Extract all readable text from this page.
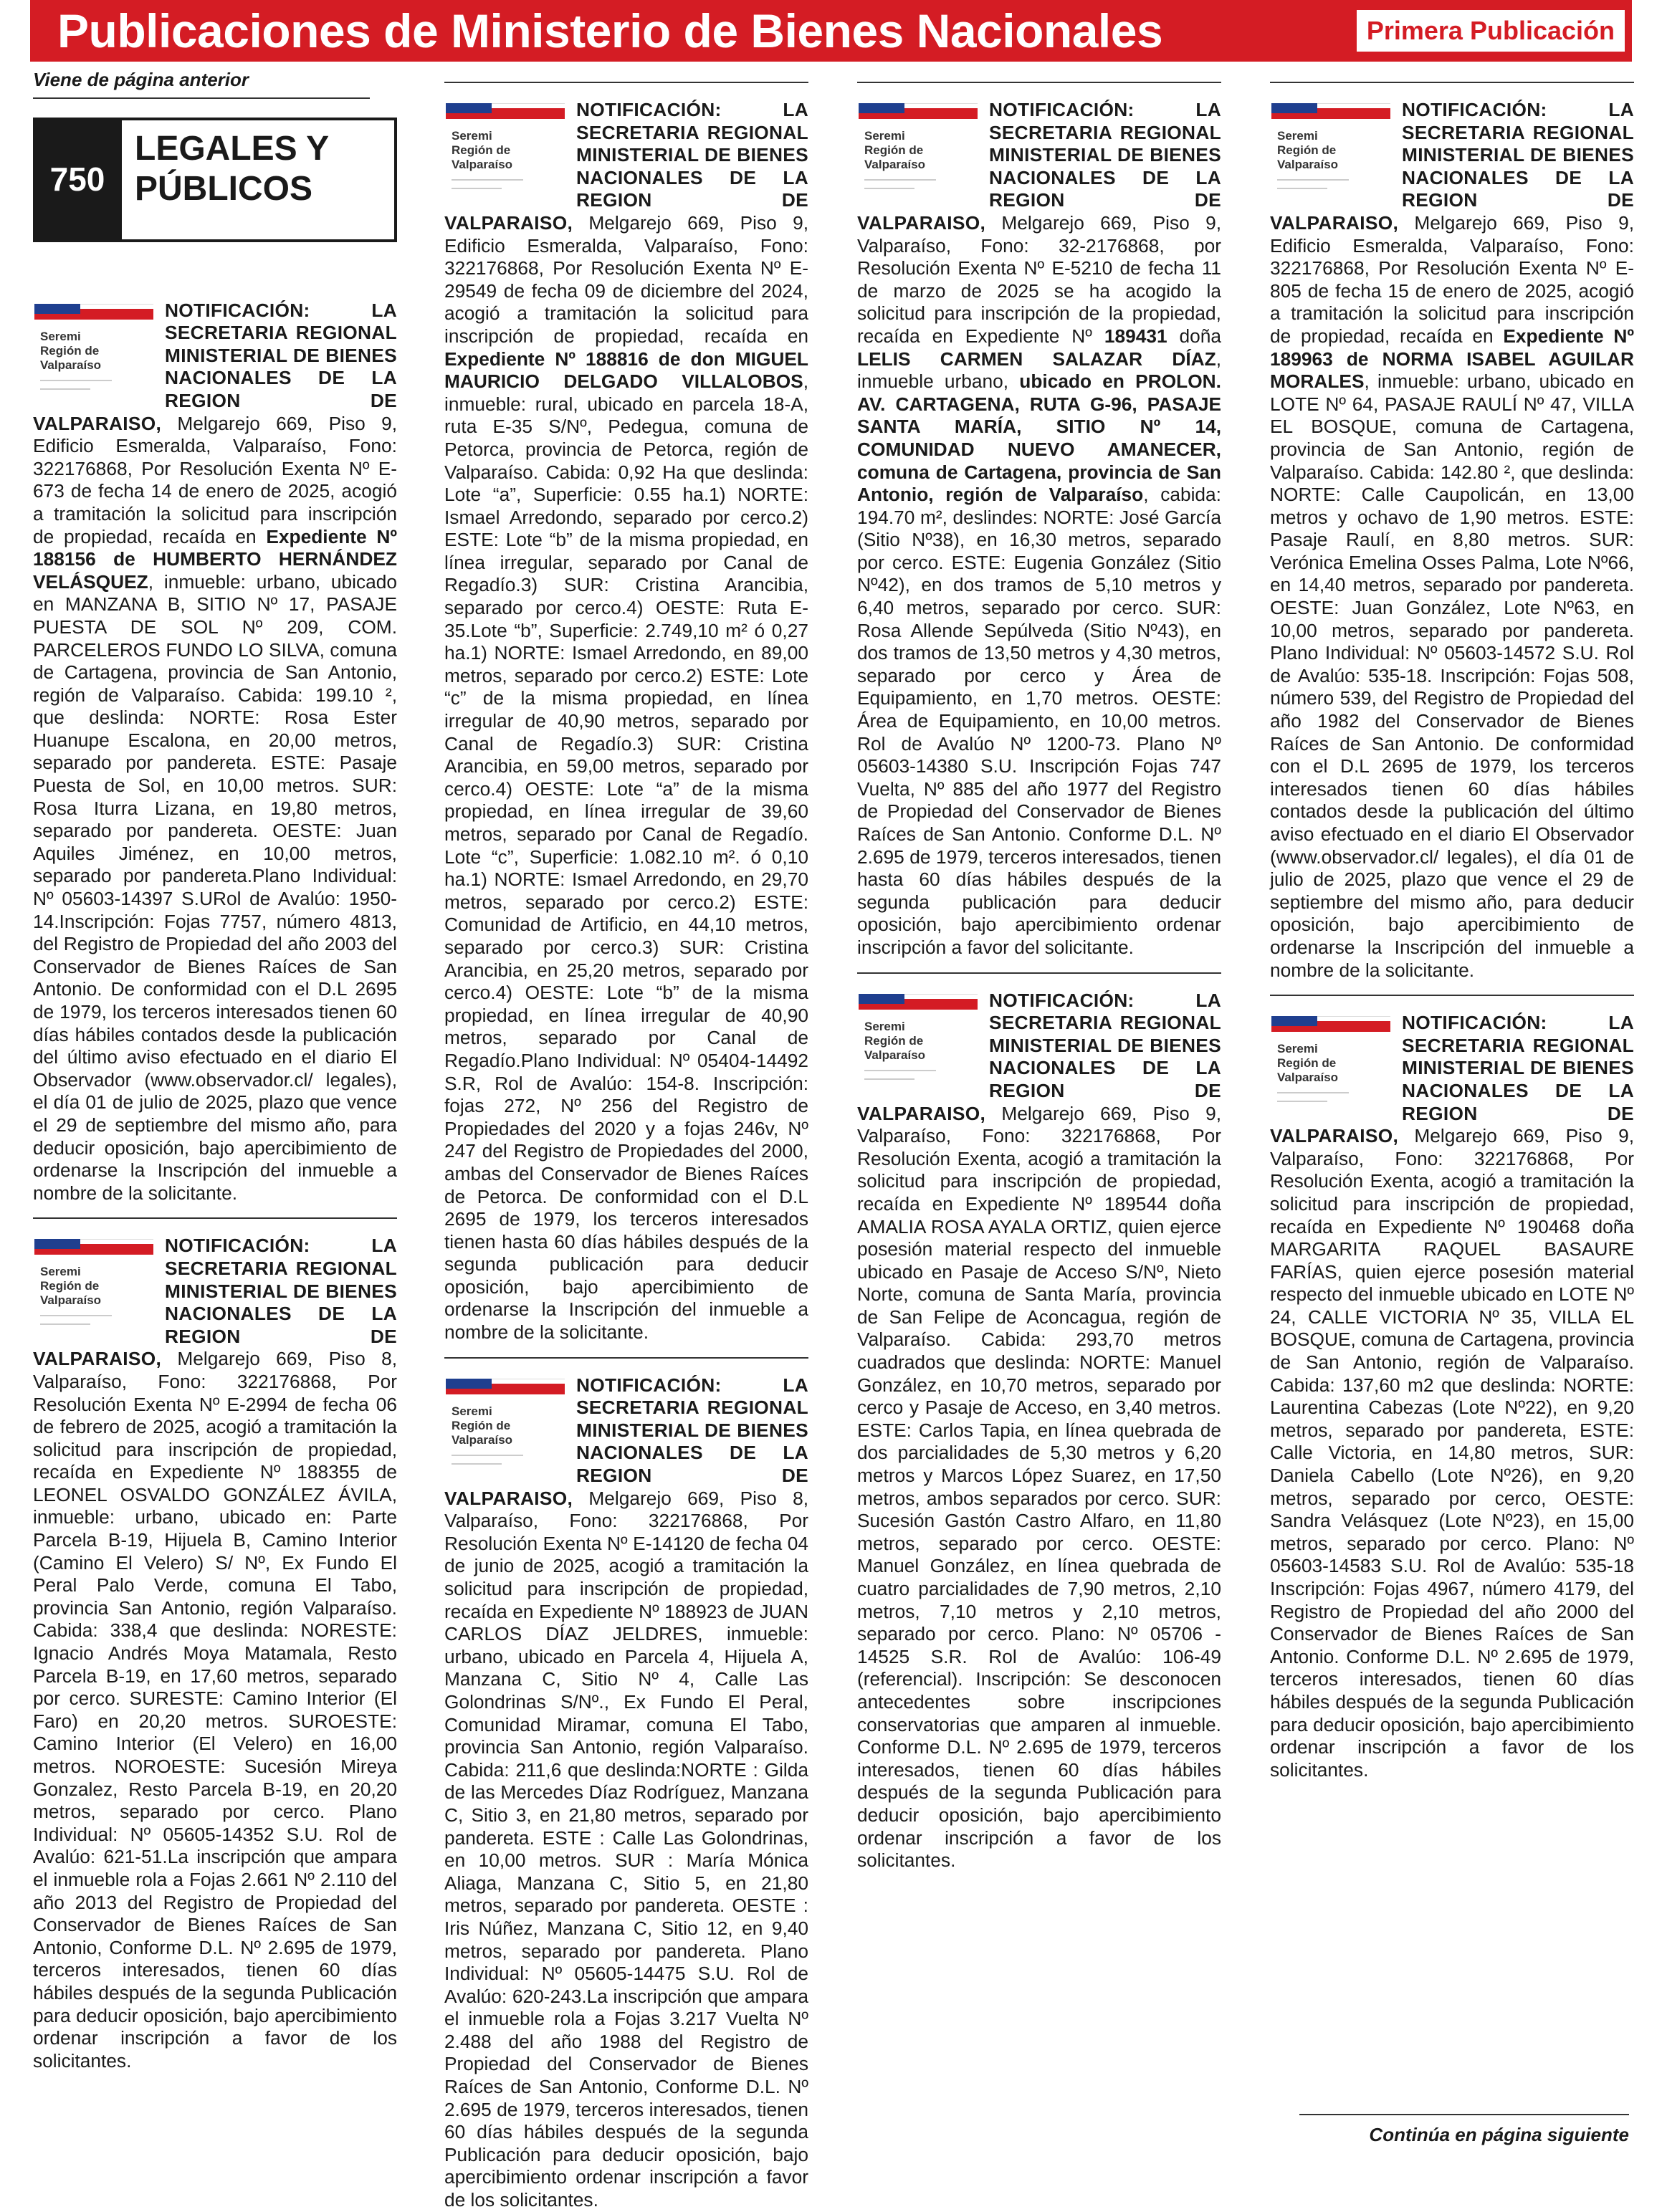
Publicaciones de Ministerio de Bienes Nacionales	Primera Publicación
Viene de página anterior
750
LEGALES Y PÚBLICOS
Seremi
Región de
Valparaíso
NOTIFICACIÓN: LA SECRETARIA REGIONAL MINISTERIAL DE BIENES NACIONALES DE LA REGION DE VALPARAISO, Melgarejo 669, Piso 9, Edificio Esmeralda, Valparaíso, Fono: 322176868, Por Resolución Exenta Nº E-673 de fecha 14 de enero de 2025, acogió a tramitación la solicitud para inscripción de propiedad, recaída en Expediente Nº 188156 de HUMBERTO HERNÁNDEZ VELÁSQUEZ, inmueble: urbano, ubicado en MANZANA B, SITIO Nº 17, PASAJE PUESTA DE SOL Nº 209, COM. PARCELEROS FUNDO LO SILVA, comuna de Cartagena, provincia de San Antonio, región de Valparaíso. Cabida: 199.10 ², que deslinda: NORTE: Rosa Ester Huanupe Escalona, en 20,00 metros, separado por pandereta. ESTE: Pasaje Puesta de Sol, en 10,00 metros. SUR: Rosa Iturra Lizana, en 19,80 metros, separado por pandereta. OESTE: Juan Aquiles Jiménez, en 10,00 metros, separado por pandereta.Plano Individual: Nº 05603-14397 S.URol de Avalúo: 1950-14.Inscripción: Fojas 7757, número 4813, del Registro de Propiedad del año 2003 del Conservador de Bienes Raíces de San Antonio. De conformidad con el D.L 2695 de 1979, los terceros interesados tienen 60 días hábiles contados desde la publicación del último aviso efectuado en el diario El Observador (www.observador.cl/ legales), el día 01 de julio de 2025, plazo que vence el 29 de septiembre del mismo año, para deducir oposición, bajo apercibimiento de ordenarse la Inscripción del inmueble a nombre de la solicitante.
Seremi
Región de
Valparaíso
NOTIFICACIÓN: LA SECRETARIA REGIONAL MINISTERIAL DE BIENES NACIONALES DE LA REGION DE VALPARAISO, Melgarejo 669, Piso 8, Valparaíso, Fono: 322176868, Por Resolución Exenta Nº E-2994 de fecha 06 de febrero de 2025, acogió a tramitación la solicitud para inscripción de propiedad, recaída en Expediente Nº 188355 de LEONEL OSVALDO GONZÁLEZ ÁVILA, inmueble: urbano, ubicado en: Parte Parcela B-19, Hijuela B, Camino Interior (Camino El Velero) S/ Nº, Ex Fundo El Peral Palo Verde, comuna El Tabo, provincia San Antonio, región Valparaíso. Cabida: 338,4 que deslinda: NORESTE: Ignacio Andrés Moya Matamala, Resto Parcela B-19, en 17,60 metros, separado por cerco. SURESTE: Camino Interior (El Faro) en 20,20 metros. SUROESTE: Camino Interior (El Velero) en 16,00 metros. NOROESTE: Sucesión Mireya Gonzalez, Resto Parcela B-19, en 20,20 metros, separado por cerco. Plano Individual: Nº 05605-14352 S.U. Rol de Avalúo: 621-51.La inscripción que ampara el inmueble rola a Fojas 2.661 Nº 2.110 del año 2013 del Registro de Propiedad del Conservador de Bienes Raíces de San Antonio, Conforme D.L. Nº 2.695 de 1979, terceros interesados, tienen 60 días hábiles después de la segunda Publicación para deducir oposición, bajo apercibimiento ordenar inscripción a favor de los solicitantes.
Seremi
Región de
Valparaíso
NOTIFICACIÓN: LA SECRETARIA REGIONAL MINISTERIAL DE BIENES NACIONALES DE LA REGION DE VALPARAISO, Melgarejo 669, Piso 9, Edificio Esmeralda, Valparaíso, Fono: 322176868, Por Resolución Exenta Nº E-29549 de fecha 09 de diciembre del 2024, acogió a tramitación la solicitud para inscripción de propiedad, recaída en Expediente Nº 188816 de don MIGUEL MAURICIO DELGADO VILLALOBOS, inmueble: rural, ubicado en parcela 18-A, ruta E-35 S/Nº, Pedegua, comuna de Petorca, provincia de Petorca, región de Valparaíso. Cabida: 0,92 Ha que deslinda: Lote “a”, Superficie: 0.55 ha.1) NORTE: Ismael Arredondo, separado por cerco.2) ESTE: Lote “b” de la misma propiedad, en línea irregular, separado por Canal de Regadío.3) SUR: Cristina Arancibia, separado por cerco.4) OESTE: Ruta E-35.Lote “b”, Superficie: 2.749,10 m² ó 0,27 ha.1) NORTE: Ismael Arredondo, en 89,00 metros, separado por cerco.2) ESTE: Lote “c” de la misma propiedad, en línea irregular de 40,90 metros, separado por Canal de Regadío.3) SUR: Cristina Arancibia, en 59,00 metros, separado por cerco.4) OESTE: Lote “a” de la misma propiedad, en línea irregular de 39,60 metros, separado por Canal de Regadío. Lote “c”, Superficie: 1.082.10 m². ó 0,10 ha.1) NORTE: Ismael Arredondo, en 29,70 metros, separado por cerco.2) ESTE: Comunidad de Artificio, en 44,10 metros, separado por cerco.3) SUR: Cristina Arancibia, en 25,20 metros, separado por cerco.4) OESTE: Lote “b” de la misma propiedad, en línea irregular de 40,90 metros, separado por Canal de Regadío.Plano Individual: Nº 05404-14492 S.R, Rol de Avalúo: 154-8. Inscripción: fojas 272, Nº 256 del Registro de Propiedades del 2020 y a fojas 246v, Nº 247 del Registro de Propiedades del 2000, ambas del Conservador de Bienes Raíces de Petorca. De conformidad con el D.L 2695 de 1979, los terceros interesados tienen hasta 60 días hábiles después de la segunda publicación para deducir oposición, bajo apercibimiento de ordenarse la Inscripción del inmueble a nombre de la solicitante.
Seremi
Región de
Valparaíso
NOTIFICACIÓN: LA SECRETARIA REGIONAL MINISTERIAL DE BIENES NACIONALES DE LA REGION DE VALPARAISO, Melgarejo 669, Piso 8, Valparaíso, Fono: 322176868, Por Resolución Exenta Nº E-14120 de fecha 04 de junio de 2025, acogió a tramitación la solicitud para inscripción de propiedad, recaída en Expediente Nº 188923 de JUAN CARLOS DÍAZ JELDRES, inmueble: urbano, ubicado en Parcela 4, Hijuela A, Manzana C, Sitio Nº 4, Calle Las Golondrinas S/Nº., Ex Fundo El Peral, Comunidad Miramar, comuna El Tabo, provincia San Antonio, región Valparaíso. Cabida: 211,6 que deslinda:NORTE : Gilda de las Mercedes Díaz Rodríguez, Manzana C, Sitio 3, en 21,80 metros, separado por pandereta. ESTE : Calle Las Golondrinas, en 10,00 metros. SUR : María Mónica Aliaga, Manzana C, Sitio 5, en 21,80 metros, separado por pandereta. OESTE : Iris Núñez, Manzana C, Sitio 12, en 9,40 metros, separado por pandereta. Plano Individual: Nº 05605-14475 S.U. Rol de Avalúo: 620-243.La inscripción que ampara el inmueble rola a Fojas 3.217 Vuelta Nº 2.488 del año 1988 del Registro de Propiedad del Conservador de Bienes Raíces de San Antonio, Conforme D.L. Nº 2.695 de 1979, terceros interesados, tienen 60 días hábiles después de la segunda Publicación para deducir oposición, bajo apercibimiento ordenar inscripción a favor de los solicitantes.
Seremi
Región de
Valparaíso
NOTIFICACIÓN: LA SECRETARIA REGIONAL MINISTERIAL DE BIENES NACIONALES DE LA REGION DE VALPARAISO, Melgarejo 669, Piso 9, Valparaíso, Fono: 32-2176868, por Resolución Exenta Nº E-5210 de fecha 11 de marzo de 2025 se ha acogido la solicitud para inscripción de la propiedad, recaída en Expediente Nº 189431 doña LELIS CARMEN SALAZAR DÍAZ, inmueble urbano, ubicado en PROLON. AV. CARTAGENA, RUTA G-96, PASAJE SANTA MARÍA, SITIO Nº 14, COMUNIDAD NUEVO AMANECER, comuna de Cartagena, provincia de San Antonio, región de Valparaíso, cabida: 194.70 m², deslindes: NORTE: José García (Sitio Nº38), en 16,30 metros, separado por cerco. ESTE: Eugenia González (Sitio Nº42), en dos tramos de 5,10 metros y 6,40 metros, separado por cerco. SUR: Rosa Allende Sepúlveda (Sitio Nº43), en dos tramos de 13,50 metros y 4,30 metros, separado por cerco y Área de Equipamiento, en 1,70 metros. OESTE: Área de Equipamiento, en 10,00 metros. Rol de Avalúo Nº 1200-73. Plano Nº 05603-14380 S.U. Inscripción Fojas 747 Vuelta, Nº 885 del año 1977 del Registro de Propiedad del Conservador de Bienes Raíces de San Antonio. Conforme D.L. Nº 2.695 de 1979, terceros interesados, tienen hasta 60 días hábiles después de la segunda publicación para deducir oposición, bajo apercibimiento ordenar inscripción a favor del solicitante.
Seremi
Región de
Valparaíso
NOTIFICACIÓN: LA SECRETARIA REGIONAL MINISTERIAL DE BIENES NACIONALES DE LA REGION DE VALPARAISO, Melgarejo 669, Piso 9, Valparaíso, Fono: 322176868, Por Resolución Exenta, acogió a tramitación la solicitud para inscripción de propiedad, recaída en Expediente Nº 189544 doña AMALIA ROSA AYALA ORTIZ, quien ejerce posesión material respecto del inmueble ubicado en Pasaje de Acceso S/Nº, Nieto Norte, comuna de Santa María, provincia de San Felipe de Aconcagua, región de Valparaíso. Cabida: 293,70 metros cuadrados que deslinda: NORTE: Manuel González, en 10,70 metros, separado por cerco y Pasaje de Acceso, en 3,40 metros. ESTE: Carlos Tapia, en línea quebrada de dos parcialidades de 5,30 metros y 6,20 metros y Marcos López Suarez, en 17,50 metros, ambos separados por cerco. SUR: Sucesión Gastón Castro Alfaro, en 11,80 metros, separado por cerco. OESTE: Manuel González, en línea quebrada de cuatro parcialidades de 7,90 metros, 2,10 metros, 7,10 metros y 2,10 metros, separado por cerco. Plano: Nº 05706 - 14525 S.R. Rol de Avalúo: 106-49 (referencial). Inscripción: Se desconocen antecedentes sobre inscripciones conservatorias que amparen al inmueble. Conforme D.L. Nº 2.695 de 1979, terceros interesados, tienen 60 días hábiles después de la segunda Publicación para deducir oposición, bajo apercibimiento ordenar inscripción a favor de los solicitantes.
Seremi
Región de
Valparaíso
NOTIFICACIÓN: LA SECRETARIA REGIONAL MINISTERIAL DE BIENES NACIONALES DE LA REGION DE VALPARAISO, Melgarejo 669, Piso 9, Edificio Esmeralda, Valparaíso, Fono: 322176868, Por Resolución Exenta Nº E-805 de fecha 15 de enero de 2025, acogió a tramitación la solicitud para inscripción de propiedad, recaída en Expediente Nº 189963 de NORMA ISABEL AGUILAR MORALES, inmueble: urbano, ubicado en LOTE Nº 64, PASAJE RAULÍ Nº 47, VILLA EL BOSQUE, comuna de Cartagena, provincia de San Antonio, región de Valparaíso. Cabida: 142.80 ², que deslinda: NORTE: Calle Caupolicán, en 13,00 metros y ochavo de 1,90 metros. ESTE: Pasaje Raulí, en 8,80 metros. SUR: Verónica Emelina Osses Palma, Lote Nº66, en 14,40 metros, separado por pandereta. OESTE: Juan González, Lote Nº63, en 10,00 metros, separado por pandereta. Plano Individual: Nº 05603-14572 S.U. Rol de Avalúo: 535-18. Inscripción: Fojas 508, número 539, del Registro de Propiedad del año 1982 del Conservador de Bienes Raíces de San Antonio. De conformidad con el D.L 2695 de 1979, los terceros interesados tienen 60 días hábiles contados desde la publicación del último aviso efectuado en el diario El Observador (www.observador.cl/ legales), el día 01 de julio de 2025, plazo que vence el 29 de septiembre del mismo año, para deducir oposición, bajo apercibimiento de ordenarse la Inscripción del inmueble a nombre de la solicitante.
Seremi
Región de
Valparaíso
NOTIFICACIÓN: LA SECRETARIA REGIONAL MINISTERIAL DE BIENES NACIONALES DE LA REGION DE VALPARAISO, Melgarejo 669, Piso 9, Valparaíso, Fono: 322176868, Por Resolución Exenta, acogió a tramitación la solicitud para inscripción de propiedad, recaída en Expediente Nº 190468 doña MARGARITA RAQUEL BASAURE FARÍAS, quien ejerce posesión material respecto del inmueble ubicado en LOTE Nº 24, CALLE VICTORIA Nº 35, VILLA EL BOSQUE, comuna de Cartagena, provincia de San Antonio, región de Valparaíso. Cabida: 137,60 m2 que deslinda: NORTE: Laurentina Cabezas (Lote Nº22), en 9,20 metros, separado por pandereta, ESTE: Calle Victoria, en 14,80 metros, SUR: Daniela Cabello (Lote Nº26), en 9,20 metros, separado por cerco, OESTE: Sandra Velásquez (Lote Nº23), en 15,00 metros, separado por cerco. Plano: Nº 05603-14583 S.U. Rol de Avalúo: 535-18 Inscripción: Fojas 4967, número 4179, del Registro de Propiedad del año 2000 del Conservador de Bienes Raíces de San Antonio. Conforme D.L. Nº 2.695 de 1979, terceros interesados, tienen 60 días hábiles después de la segunda Publicación para deducir oposición, bajo apercibimiento ordenar inscripción a favor de los solicitantes.
Continúa en página siguiente
